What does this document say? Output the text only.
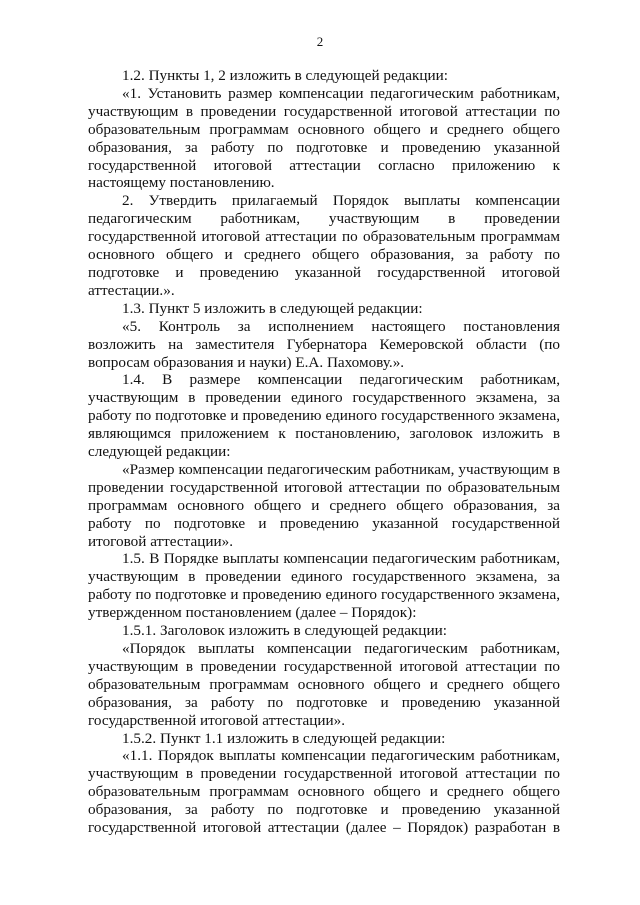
2

1.2. Пункты 1, 2 изложить в следующей редакции:

«1. Установить размер компенсации педагогическим работникам, участвующим в проведении государственной итоговой аттестации по образовательным программам основного общего и среднего общего образования, за работу по подготовке и проведению указанной государственной итоговой аттестации согласно приложению к настоящему постановлению.

2. Утвердить прилагаемый Порядок выплаты компенсации педагогическим работникам, участвующим в проведении государственной итоговой аттестации по образовательным программам основного общего и среднего общего образования, за работу по подготовке и проведению указанной государственной итоговой аттестации.».

1.3. Пункт 5 изложить в следующей редакции:

«5. Контроль за исполнением настоящего постановления возложить на заместителя Губернатора Кемеровской области (по вопросам образования и науки) Е.А. Пахомову.».

1.4. В размере компенсации педагогическим работникам, участвующим в проведении единого государственного экзамена, за работу по подготовке и проведению единого государственного экзамена, являющимся приложением к постановлению, заголовок изложить в следующей редакции:

«Размер компенсации педагогическим работникам, участвующим в проведении государственной итоговой аттестации по образовательным программам основного общего и среднего общего образования, за работу по подготовке и проведению указанной государственной итоговой аттестации».

1.5. В Порядке выплаты компенсации педагогическим работникам, участвующим в проведении единого государственного экзамена, за работу по подготовке и проведению единого государственного экзамена, утвержденном постановлением (далее – Порядок):

1.5.1. Заголовок изложить в следующей редакции:

«Порядок выплаты компенсации педагогическим работникам, участвующим в проведении государственной итоговой аттестации по образовательным программам основного общего и среднего общего образования, за работу по подготовке и проведению указанной государственной итоговой аттестации».

1.5.2. Пункт 1.1 изложить в следующей редакции:

«1.1. Порядок выплаты компенсации педагогическим работникам, участвующим в проведении государственной итоговой аттестации по образовательным программам основного общего и среднего общего образования, за работу по подготовке и проведению указанной государственной итоговой аттестации (далее – Порядок) разработан в
